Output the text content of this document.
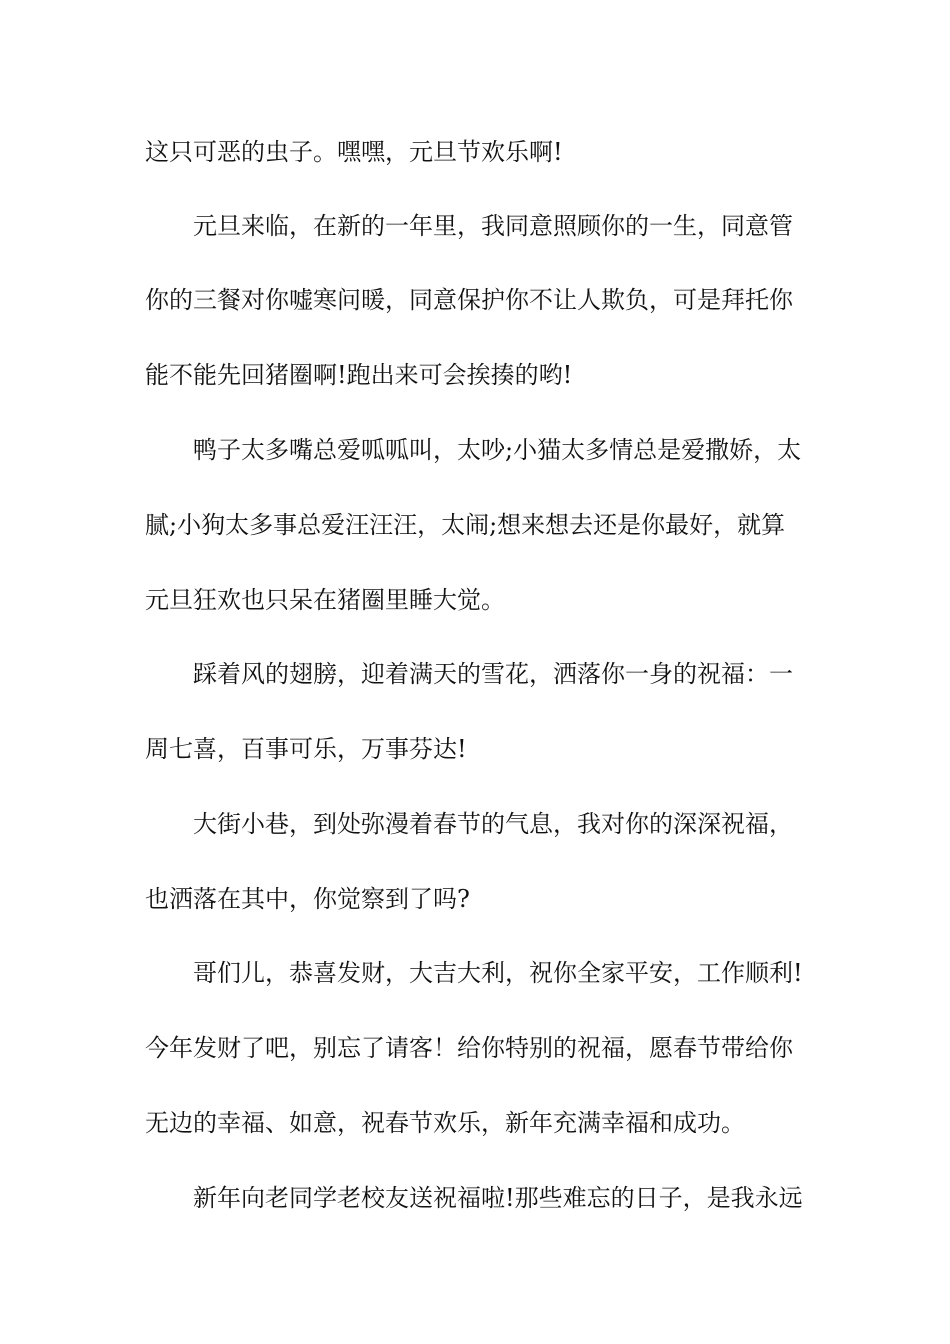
这只可恶的虫子。嘿嘿，元旦节欢乐啊!
元旦来临，在新的一年里，我同意照顾你的一生，同意管
你的三餐对你嘘寒问暖，同意保护你不让人欺负，可是拜托你
能不能先回猪圈啊!跑出来可会挨揍的哟!
鸭子太多嘴总爱呱呱叫，太吵;小猫太多情总是爱撒娇，太
腻;小狗太多事总爱汪汪汪，太闹;想来想去还是你最好，就算
元旦狂欢也只呆在猪圈里睡大觉。
踩着风的翅膀，迎着满天的雪花，洒落你一身的祝福：一
周七喜，百事可乐，万事芬达!
大街小巷，到处弥漫着春节的气息，我对你的深深祝福，
也洒落在其中，你觉察到了吗?
哥们儿，恭喜发财，大吉大利，祝你全家平安，工作顺利!
今年发财了吧，别忘了请客！给你特别的祝福，愿春节带给你
无边的幸福、如意，祝春节欢乐，新年充满幸福和成功。
新年向老同学老校友送祝福啦!那些难忘的日子，是我永远
